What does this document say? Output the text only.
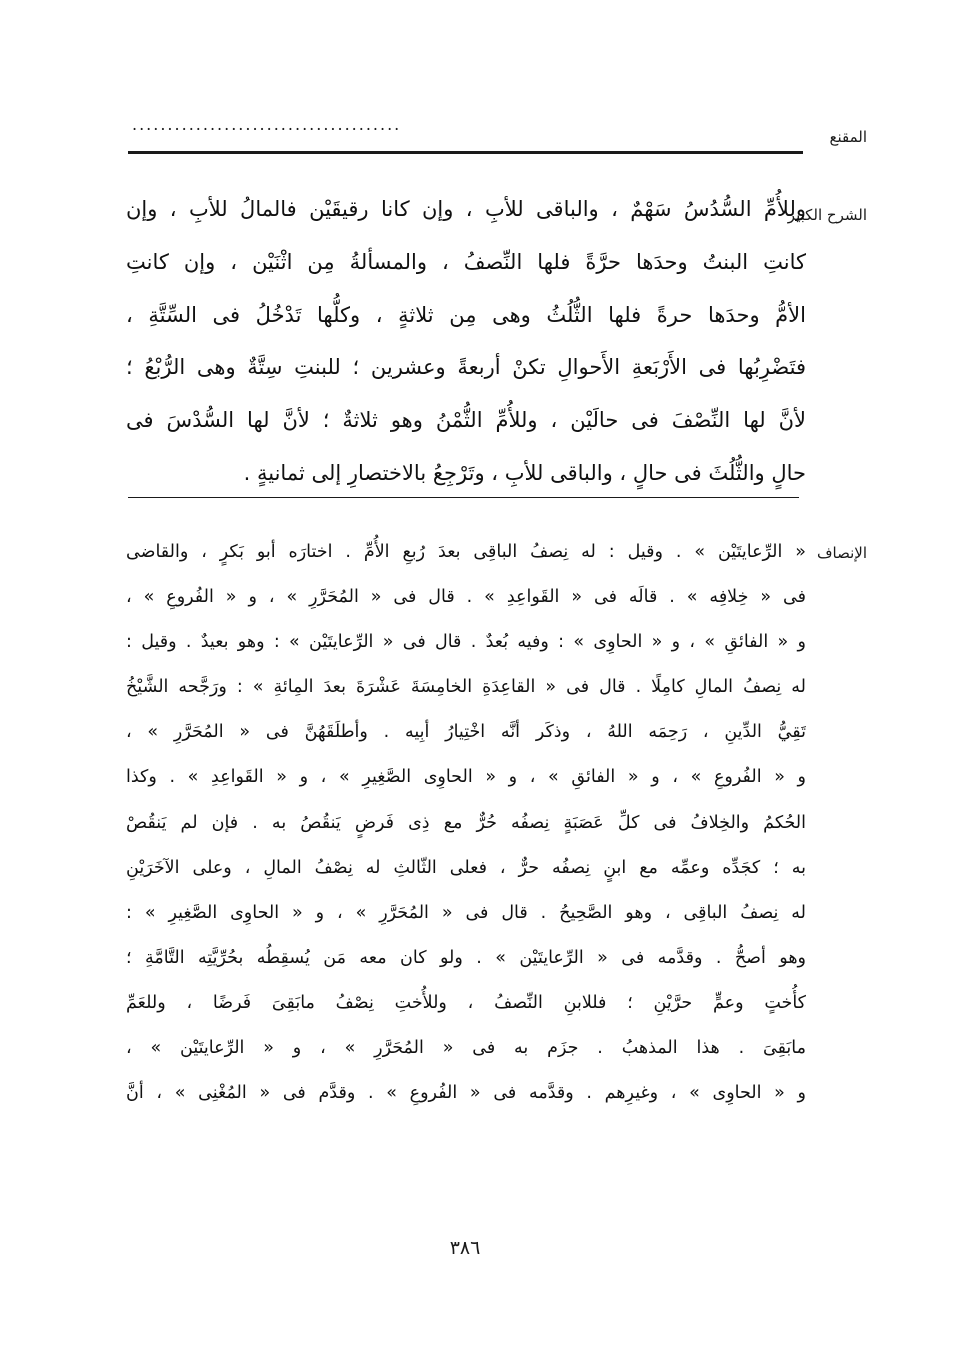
......................................
المقنع
الشرح الكبير
وللأُمِّ السُّدُسُ سَهْمٌ ، والباقى للأبِ ، وإن كانا رقيقَيْن فالمالُ للأبِ ، وإن
كانتِ البنتُ وحدَها حرَّةً فلها النِّصفُ ، والمسألةُ مِن اثْنَيْن ، وإن كانتِ
الأمُّ وحدَها حرةً فلها الثُّلُثُ وهى مِن ثلاثةٍ ، وكلُّها تَدْخُلُ فى السِّتَّةِ ،
فتَضْرِبُها فى الأَرْبَعةِ الأَحوالِ تكنْ أربعةً وعشرين ؛ للبنتِ سِتَّةٌ وهى الرُّبْعُ ؛
لأنَّ لها النِّصْفَ فى حالَيْن ، وللأُمِّ الثُّمْنُ وهو ثلاثةٌ ؛ لأنَّ لها السُّدْسَ فى
حالٍ والثُّلُثَ فى حالٍ ، والباقى للأبِ ، وتَرْجِعُ بالاختصارِ إلى ثمانيةٍ .
الإنصاف
« الرِّعايتَيْن » . وقيل : له نِصفُ الباقِى بعدَ رُبعِ الأُمِّ . اختارَه أبو بَكرٍ ، والقاضى
فى « خِلافِه » . قالَه فى « القَواعِدِ » . قال فى « المُحَرَّرِ » ، و « الفُروعِ » ،
و « الفائقِ » ، و « الحاوِى » : وفيه بُعدٌ . قال فى « الرِّعايتَيْن » : وهو بعيدٌ . وقيل :
له نِصفُ المالِ كامِلًا . قال فى « القاعِدَةِ الخامِسَةَ عَشْرَةَ بعدَ المِائةِ » : ورَجَّحه الشَّيْخُ
تَقِيُّ الدِّينِ ، رَحِمَه اللهُ ، وذكَر أنَّه اخْتِيارُ أبِيه . وأطلَقَهُنَّ فى « المُحَرَّرِ » ،
و « الفُروعِ » ، و « الفائقِ » ، و « الحاوِى الصَّغِيرِ » ، و « القَواعِدِ » . وكذا
الحُكمُ والخِلافُ فى كلِّ عَصَبَةٍ نِصفُه حُرٌّ مع ذِى فَرضٍ يَنقُصُ به . فإن لم يَنقُصْ
به ؛ كجَدِّه وعمِّه مع ابنٍ نِصفُه حرٌّ ، فعلى الثّالثِ له نِصْفُ المالِ ، وعلى الآخَرَيْنِ
له نِصفُ الباقِى ، وهو الصَّحِيحُ . قال فى « المُحَرَّرِ » ، و « الحاوِى الصَّغِيرِ » :
وهو أصحُّ . وقدَّمه فى « الرِّعايتَيْن » . ولو كان معه مَن يُسقِطُه بحُرِّيَّتِه التَّامَّةِ ؛
كأُختٍ وعمٍّ حرَّيْنِ ؛ فللابنِ النِّصفُ ، وللأُختِ نِصْفُ مابَقِىَ فَرضًا ، وللعَمِّ
مابَقِىَ . هذا المذهبُ . جزَم به فى « المُحَرَّرِ » ، و « الرِّعايتَيْن » ،
و « الحاوِى » ، وغيرِهم . وقدَّمه فى « الفُروعِ » . وقدَّم فى « المُغْنِى » ، أنَّ
٣٨٦
